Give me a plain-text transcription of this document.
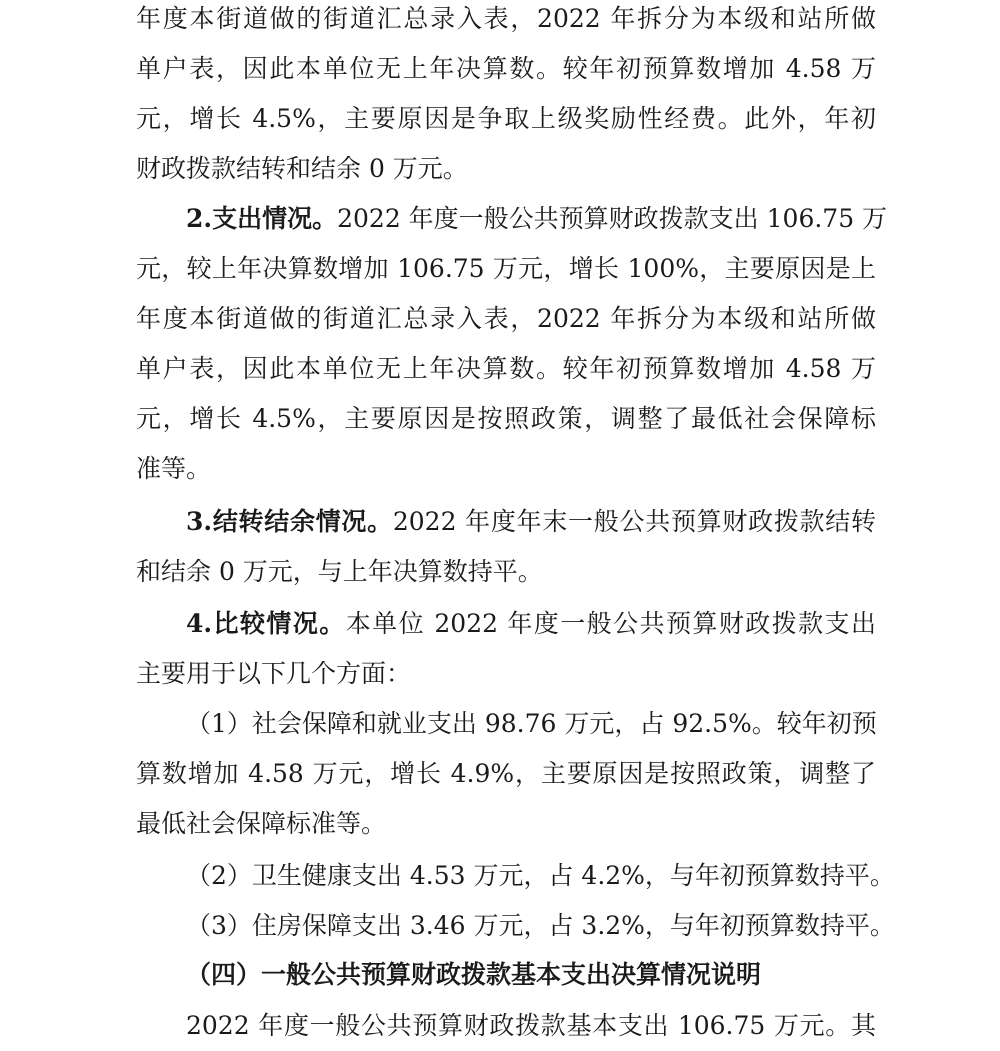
年度本街道做的街道汇总录入表，2022 年拆分为本级和站所做
单户表，因此本单位无上年决算数。较年初预算数增加 4.58 万
元，增长 4.5%，主要原因是争取上级奖励性经费。此外，年初
财政拨款结转和结余 0 万元。
2.支出情况。2022 年度一般公共预算财政拨款支出 106.75 万
元，较上年决算数增加 106.75 万元，增长 100%，主要原因是上
年度本街道做的街道汇总录入表，2022 年拆分为本级和站所做
单户表，因此本单位无上年决算数。较年初预算数增加 4.58 万
元，增长 4.5%，主要原因是按照政策，调整了最低社会保障标
准等。
3.结转结余情况。2022 年度年末一般公共预算财政拨款结转
和结余 0 万元，与上年决算数持平。
4.比较情况。本单位 2022 年度一般公共预算财政拨款支出
主要用于以下几个方面：
（1）社会保障和就业支出 98.76 万元，占 92.5%。较年初预
算数增加 4.58 万元，增长 4.9%，主要原因是按照政策，调整了
最低社会保障标准等。
（2）卫生健康支出 4.53 万元，占 4.2%，与年初预算数持平。
（3）住房保障支出 3.46 万元，占 3.2%，与年初预算数持平。
（四）一般公共预算财政拨款基本支出决算情况说明
2022 年度一般公共预算财政拨款基本支出 106.75 万元。其
